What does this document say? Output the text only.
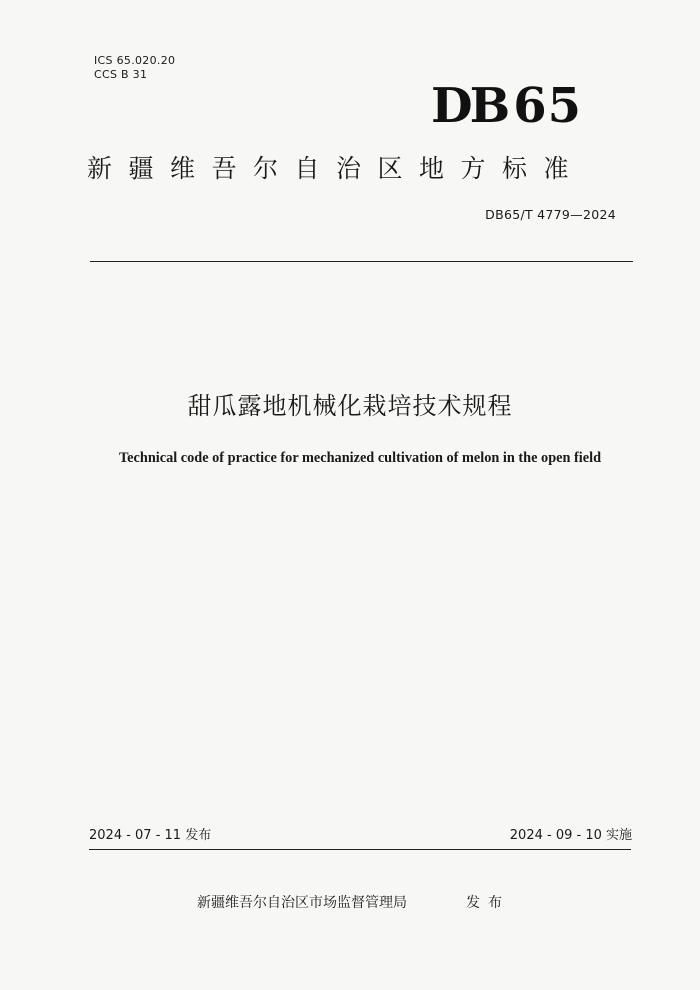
ICS 65.020.20
CCS B 31
DB 65
新疆维吾尔自治区地方标准
DB65/T 4779—2024
甜瓜露地机械化栽培技术规程
Technical code of practice for mechanized cultivation of melon in the open field
2024 - 07 - 11 发布	2024 - 09 - 10 实施
新疆维吾尔自治区市场监督管理局	发布
